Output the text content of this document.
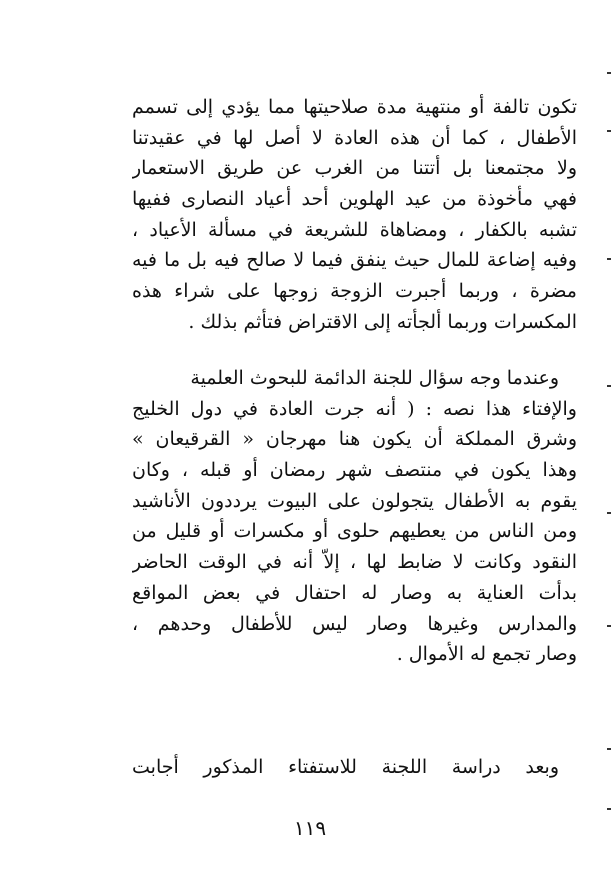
تكون تالفة أو منتهية مدة صلاحيتها مما يؤدي إلى تسمم
الأطفال ، كما أن هذه العادة لا أصل لها في عقيدتنا
ولا مجتمعنا بل أتتنا من الغرب عن طريق الاستعمار
فهي مأخوذة من عيد الهلوين أحد أعياد النصارى ففيها
تشبه بالكفار ، ومضاهاة للشريعة في مسألة الأعياد ،
وفيه إضاعة للمال حيث ينفق فيما لا صالح فيه بل ما فيه
مضرة ، وربما أجبرت الزوجة زوجها على شراء هذه
المكسرات وربما ألجأته إلى الاقتراض فتأثم بذلك .
وعندما وجه سؤال للجنة الدائمة للبحوث العلمية
والإفتاء هذا نصه : ( أنه جرت العادة في دول الخليج
وشرق المملكة أن يكون هنا مهرجان « القرقيعان »
وهذا يكون في منتصف شهر رمضان أو قبله ، وكان
يقوم به الأطفال يتجولون على البيوت يرددون الأناشيد
ومن الناس من يعطيهم حلوى أو مكسرات أو قليل من
النقود وكانت لا ضابط لها ، إلاّ أنه في الوقت الحاضر
بدأت العناية به وصار له احتفال في بعض المواقع
والمدارس وغيرها وصار ليس للأطفال وحدهم ،
وصار تجمع له الأموال .
وبعد دراسة اللجنة للاستفتاء المذكور أجابت
١١٩
